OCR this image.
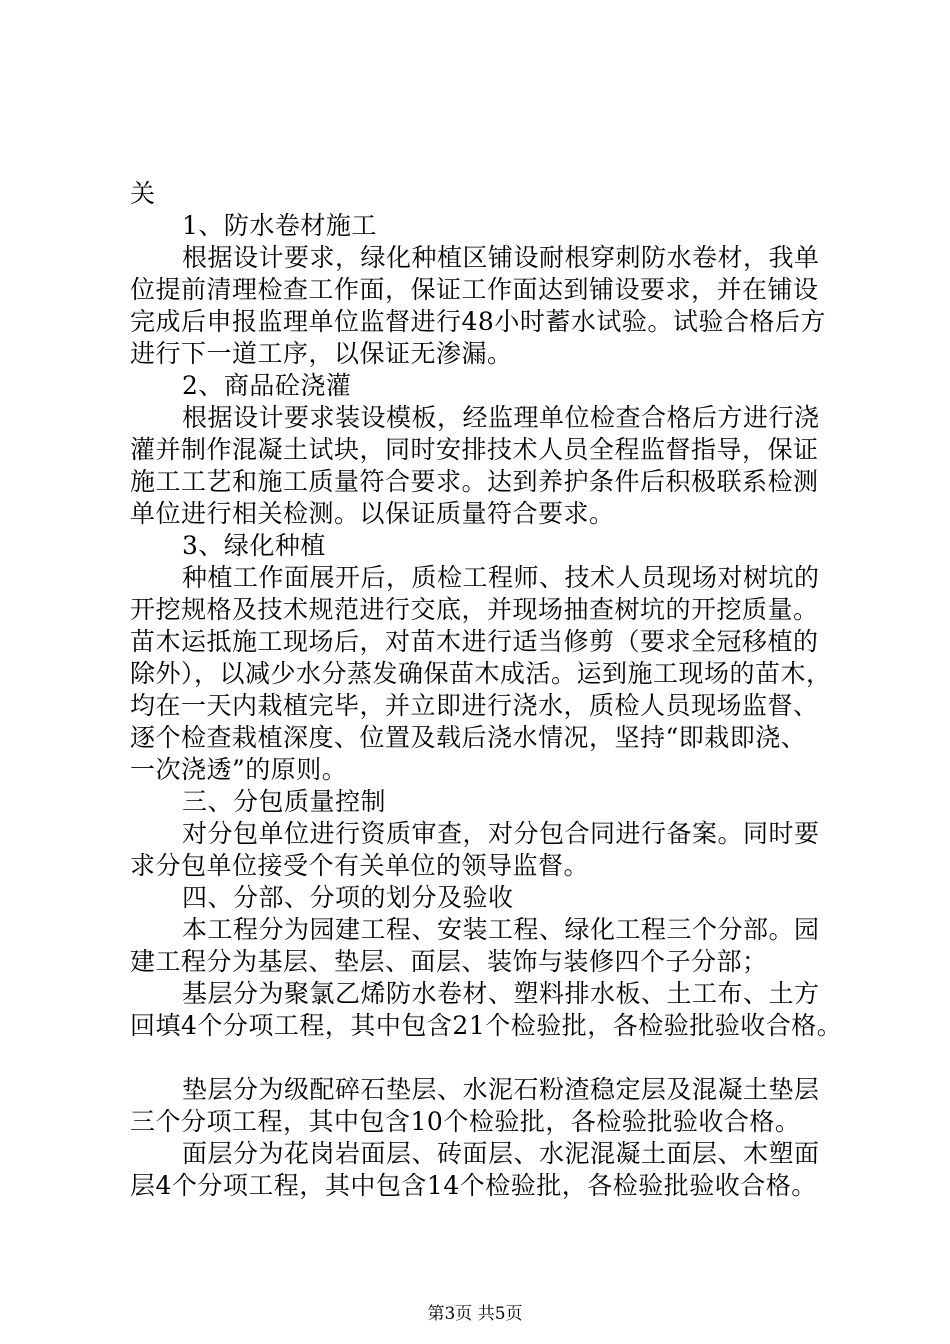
关
1、防水卷材施工
根据设计要求，绿化种植区铺设耐根穿刺防水卷材，我单
位提前清理检查工作面，保证工作面达到铺设要求，并在铺设
完成后申报监理单位监督进行48小时蓄水试验。试验合格后方
进行下一道工序，以保证无渗漏。
2、商品砼浇灌
根据设计要求装设模板，经监理单位检查合格后方进行浇
灌并制作混凝土试块，同时安排技术人员全程监督指导，保证
施工工艺和施工质量符合要求。达到养护条件后积极联系检测
单位进行相关检测。以保证质量符合要求。
3、绿化种植
种植工作面展开后，质检工程师、技术人员现场对树坑的
开挖规格及技术规范进行交底，并现场抽查树坑的开挖质量。
苗木运抵施工现场后，对苗木进行适当修剪（要求全冠移植的
除外），以减少水分蒸发确保苗木成活。运到施工现场的苗木，
均在一天内栽植完毕，并立即进行浇水，质检人员现场监督、
逐个检查栽植深度、位置及载后浇水情况，坚持“即栽即浇、
一次浇透”的原则。
三、分包质量控制
对分包单位进行资质审查，对分包合同进行备案。同时要
求分包单位接受个有关单位的领导监督。
四、分部、分项的划分及验收
本工程分为园建工程、安装工程、绿化工程三个分部。园
建工程分为基层、垫层、面层、装饰与装修四个子分部；
基层分为聚氯乙烯防水卷材、塑料排水板、土工布、土方
回填4个分项工程，其中包含21个检验批，各检验批验收合格。
垫层分为级配碎石垫层、水泥石粉渣稳定层及混凝土垫层
三个分项工程，其中包含10个检验批，各检验批验收合格。
面层分为花岗岩面层、砖面层、水泥混凝土面层、木塑面
层4个分项工程，其中包含14个检验批，各检验批验收合格。
第3页 共5页
